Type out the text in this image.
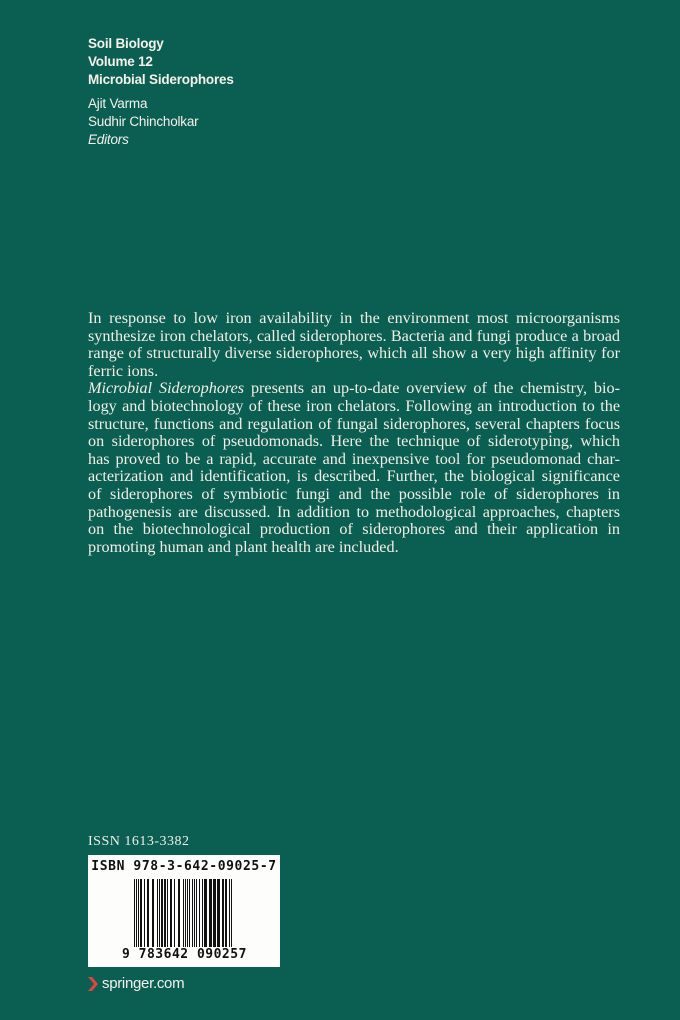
Soil Biology
Volume 12
Microbial Siderophores
Ajit Varma
Sudhir Chincholkar
Editors
In response to low iron availability in the environment most microorganisms
synthesize iron chelators, called siderophores. Bacteria and fungi produce a broad
range of structurally diverse siderophores, which all show a very high affinity for
ferric ions.
Microbial Siderophores presents an up-to-date overview of the chemistry, bio-
logy and biotechnology of these iron chelators. Following an introduction to the
structure, functions and regulation of fungal siderophores, several chapters focus
on siderophores of pseudomonads. Here the technique of siderotyping, which
has proved to be a rapid, accurate and inexpensive tool for pseudomonad char-
acterization and identification, is described. Further, the biological significance
of siderophores of symbiotic fungi and the possible role of siderophores in
pathogenesis are discussed. In addition to methodological approaches, chapters
on the biotechnological production of siderophores and their application in
promoting human and plant health are included.
ISSN 1613-3382
ISBN 978-3-642-09025-7
9 783642 090257
springer.com
